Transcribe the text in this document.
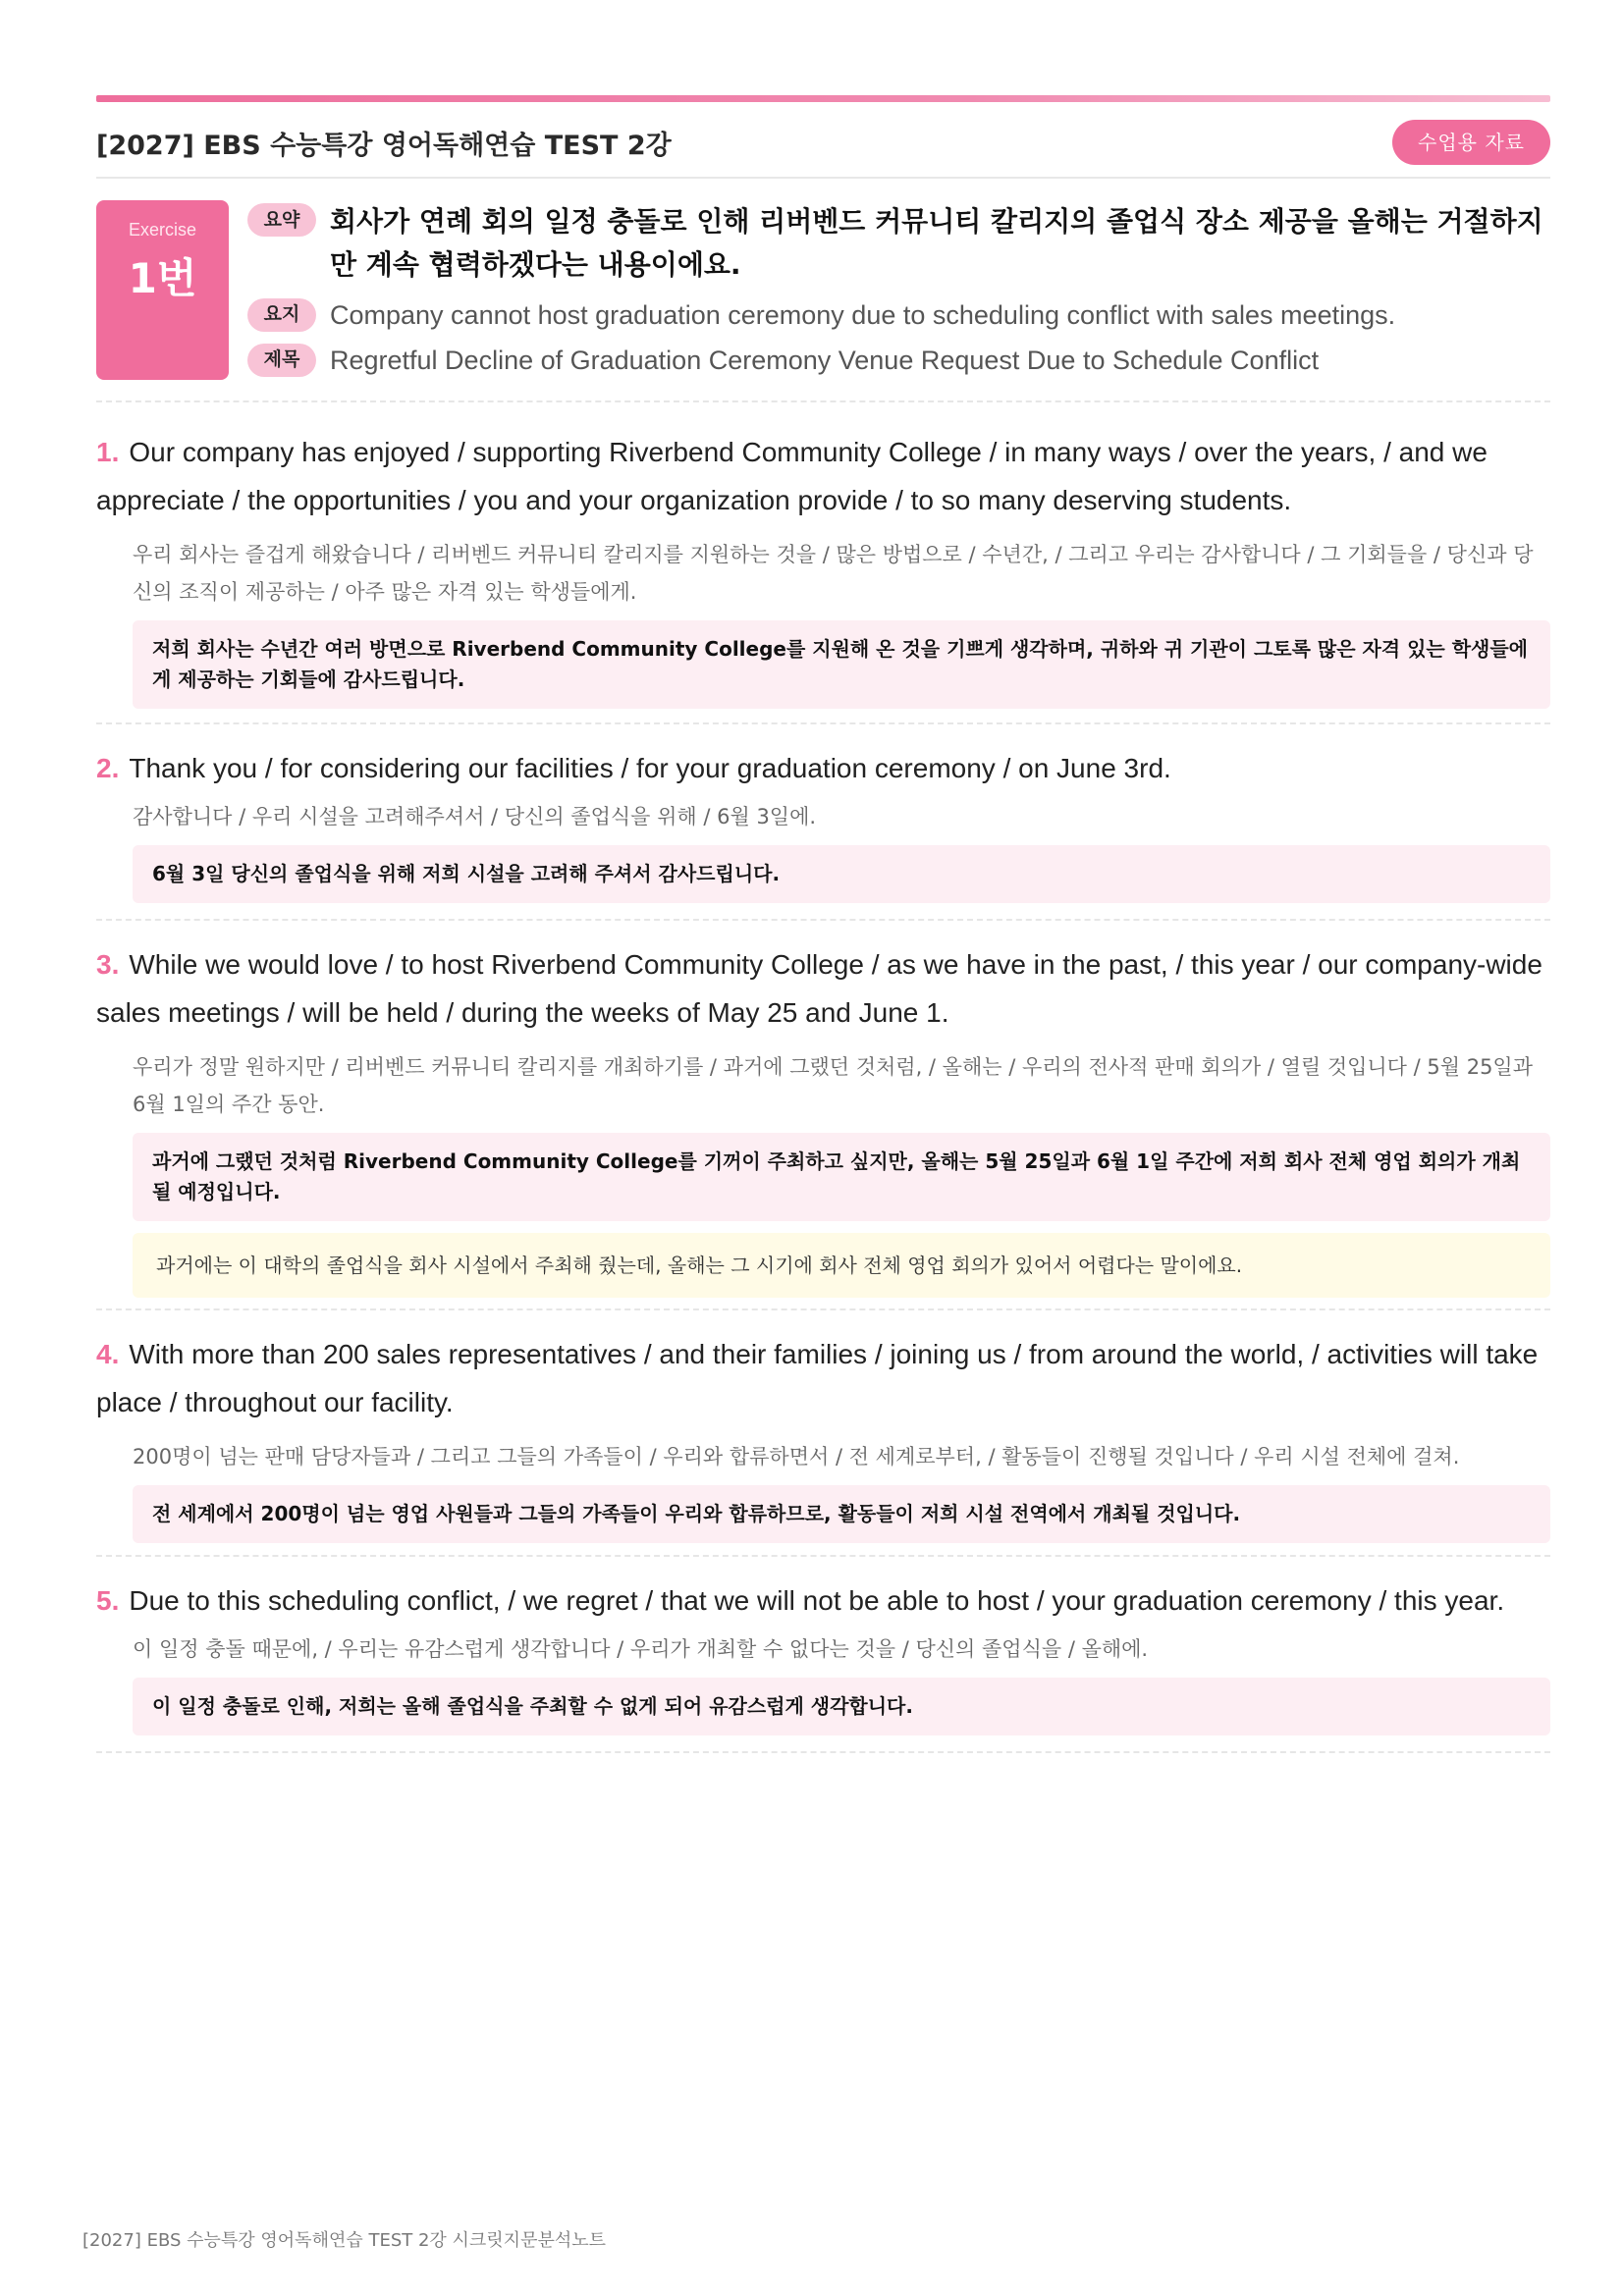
[2027] EBS 수능특강 영어독해연습 TEST 2강	수업용 자료
Exercise
1번
요약	회사가 연례 회의 일정 충돌로 인해 리버벤드 커뮤니티 칼리지의 졸업식 장소 제공을 올해는 거절하지만 계속 협력하겠다는 내용이에요.
요지	Company cannot host graduation ceremony due to scheduling conflict with sales meetings.
제목	Regretful Decline of Graduation Ceremony Venue Request Due to Schedule Conflict
1. Our company has enjoyed / supporting Riverbend Community College / in many ways / over the years, / and we appreciate / the opportunities / you and your organization provide / to so many deserving students.
우리 회사는 즐겁게 해왔습니다 / 리버벤드 커뮤니티 칼리지를 지원하는 것을 / 많은 방법으로 / 수년간, / 그리고 우리는 감사합니다 / 그 기회들을 / 당신과 당신의 조직이 제공하는 / 아주 많은 자격 있는 학생들에게.
저희 회사는 수년간 여러 방면으로 Riverbend Community College를 지원해 온 것을 기쁘게 생각하며, 귀하와 귀 기관이 그토록 많은 자격 있는 학생들에게 제공하는 기회들에 감사드립니다.
2. Thank you / for considering our facilities / for your graduation ceremony / on June 3rd.
감사합니다 / 우리 시설을 고려해주셔서 / 당신의 졸업식을 위해 / 6월 3일에.
6월 3일 당신의 졸업식을 위해 저희 시설을 고려해 주셔서 감사드립니다.
3. While we would love / to host Riverbend Community College / as we have in the past, / this year / our company-wide sales meetings / will be held / during the weeks of May 25 and June 1.
우리가 정말 원하지만 / 리버벤드 커뮤니티 칼리지를 개최하기를 / 과거에 그랬던 것처럼, / 올해는 / 우리의 전사적 판매 회의가 / 열릴 것입니다 / 5월 25일과 6월 1일의 주간 동안.
과거에 그랬던 것처럼 Riverbend Community College를 기꺼이 주최하고 싶지만, 올해는 5월 25일과 6월 1일 주간에 저희 회사 전체 영업 회의가 개최될 예정입니다.
과거에는 이 대학의 졸업식을 회사 시설에서 주최해 줬는데, 올해는 그 시기에 회사 전체 영업 회의가 있어서 어렵다는 말이에요.
4. With more than 200 sales representatives / and their families / joining us / from around the world, / activities will take place / throughout our facility.
200명이 넘는 판매 담당자들과 / 그리고 그들의 가족들이 / 우리와 합류하면서 / 전 세계로부터, / 활동들이 진행될 것입니다 / 우리 시설 전체에 걸쳐.
전 세계에서 200명이 넘는 영업 사원들과 그들의 가족들이 우리와 합류하므로, 활동들이 저희 시설 전역에서 개최될 것입니다.
5. Due to this scheduling conflict, / we regret / that we will not be able to host / your graduation ceremony / this year.
이 일정 충돌 때문에, / 우리는 유감스럽게 생각합니다 / 우리가 개최할 수 없다는 것을 / 당신의 졸업식을 / 올해에.
이 일정 충돌로 인해, 저희는 올해 졸업식을 주최할 수 없게 되어 유감스럽게 생각합니다.
[2027] EBS 수능특강 영어독해연습 TEST 2강 시크릿지문분석노트
